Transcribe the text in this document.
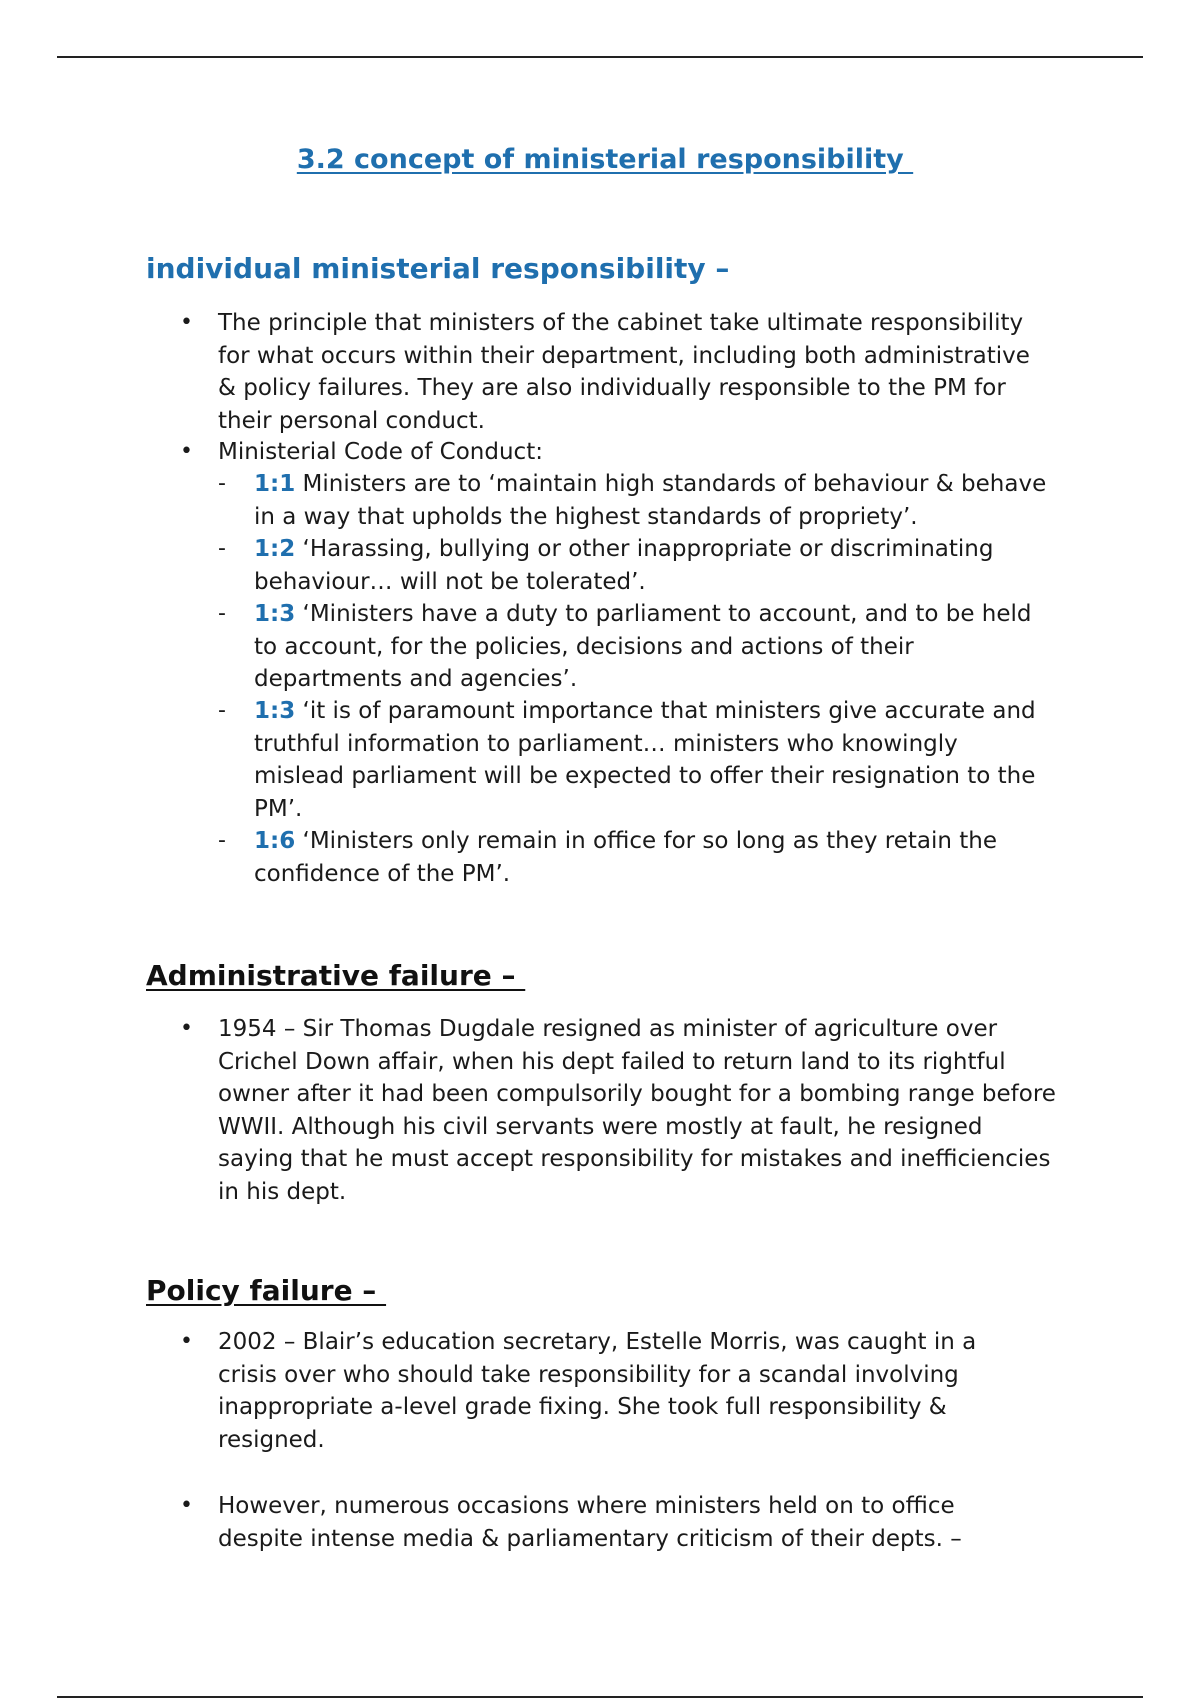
3.2 concept of ministerial responsibility
individual ministerial responsibility –
• The principle that ministers of the cabinet take ultimate responsibility for what occurs within their department, including both administrative & policy failures. They are also individually responsible to the PM for their personal conduct.
• Ministerial Code of Conduct:
- 1:1 Ministers are to ‘maintain high standards of behaviour & behave in a way that upholds the highest standards of propriety’.
- 1:2 ‘Harassing, bullying or other inappropriate or discriminating behaviour… will not be tolerated’.
- 1:3 ‘Ministers have a duty to parliament to account, and to be held to account, for the policies, decisions and actions of their departments and agencies’.
- 1:3 ‘it is of paramount importance that ministers give accurate and truthful information to parliament… ministers who knowingly mislead parliament will be expected to offer their resignation to the PM’.
- 1:6 ‘Ministers only remain in office for so long as they retain the confidence of the PM’.
Administrative failure –
• 1954 – Sir Thomas Dugdale resigned as minister of agriculture over Crichel Down affair, when his dept failed to return land to its rightful owner after it had been compulsorily bought for a bombing range before WWII. Although his civil servants were mostly at fault, he resigned saying that he must accept responsibility for mistakes and inefficiencies in his dept.
Policy failure –
• 2002 – Blair’s education secretary, Estelle Morris, was caught in a crisis over who should take responsibility for a scandal involving inappropriate a-level grade fixing. She took full responsibility & resigned.
• However, numerous occasions where ministers held on to office despite intense media & parliamentary criticism of their depts. –
